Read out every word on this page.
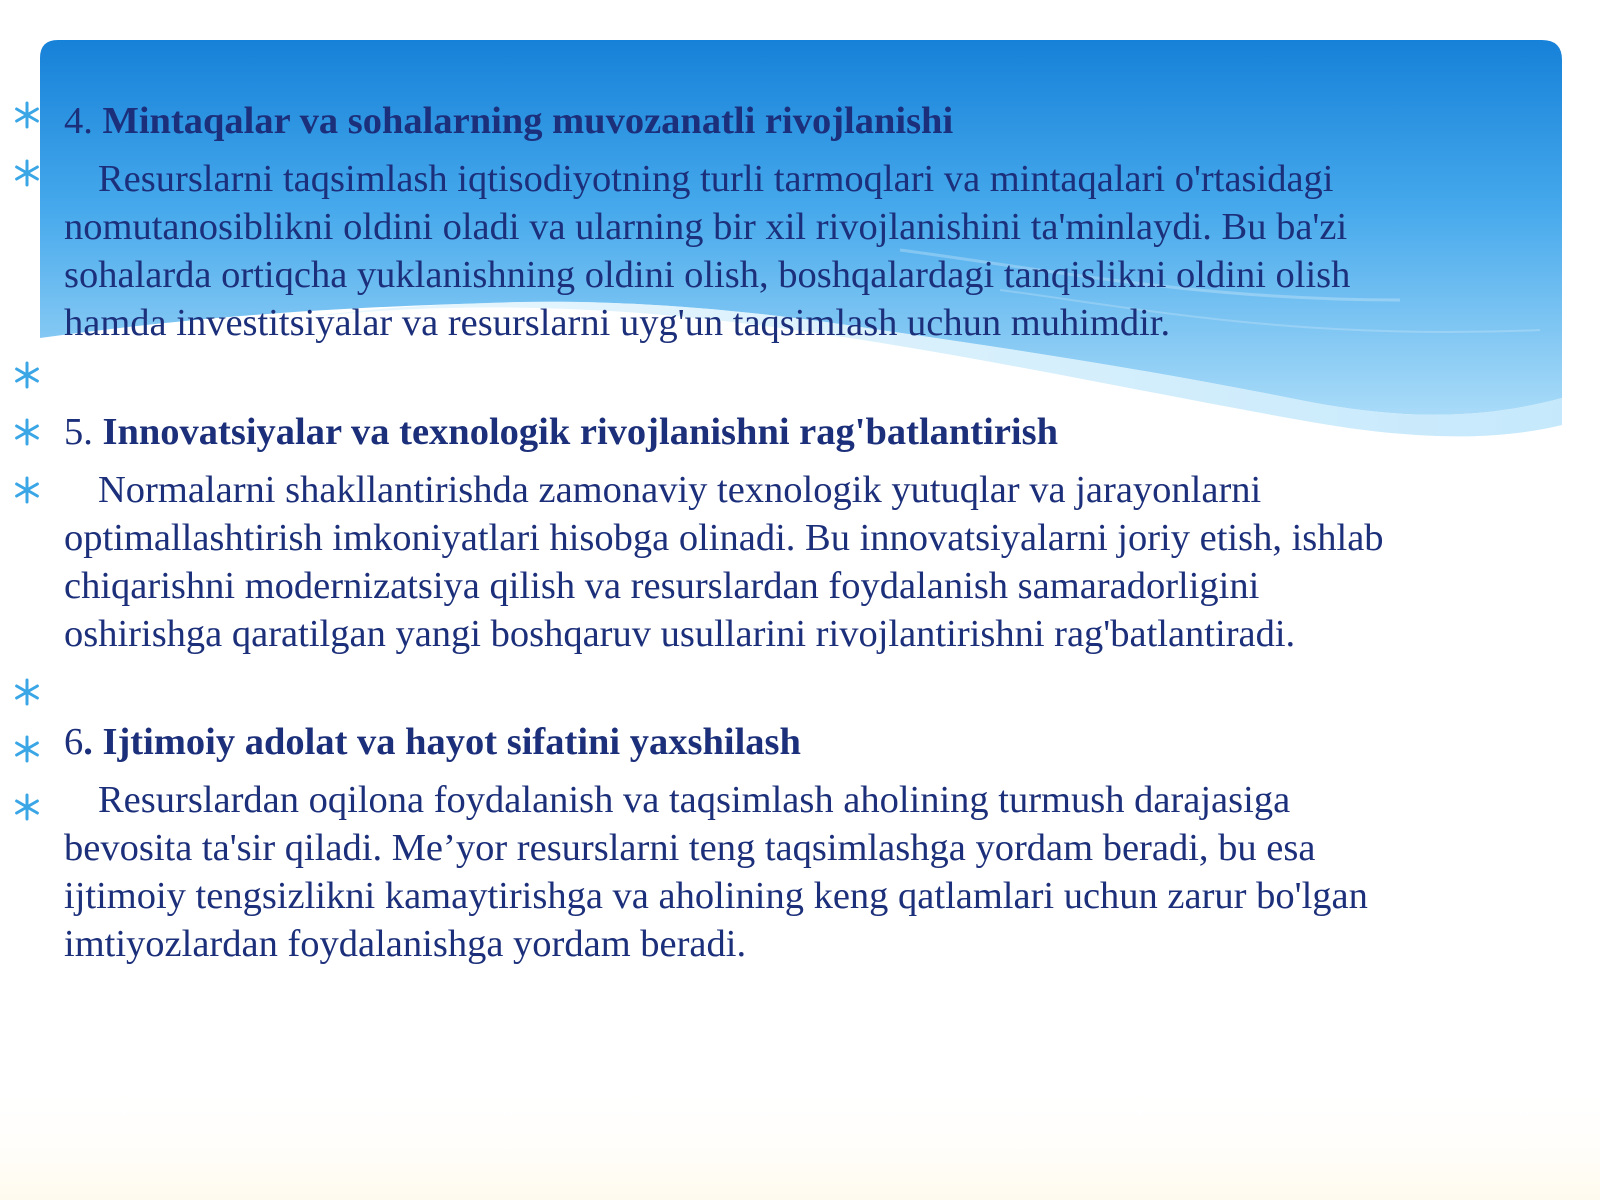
4. Mintaqalar va sohalarning muvozanatli rivojlanishi
Resurslarni taqsimlash iqtisodiyotning turli tarmoqlari va mintaqalari o'rtasidagi
nomutanosiblikni oldini oladi va ularning bir xil rivojlanishini ta'minlaydi. Bu ba'zi
sohalarda ortiqcha yuklanishning oldini olish, boshqalardagi tanqislikni oldini olish
hamda investitsiyalar va resurslarni uyg'un taqsimlash uchun muhimdir.
5. Innovatsiyalar va texnologik rivojlanishni rag'batlantirish
Normalarni shakllantirishda zamonaviy texnologik yutuqlar va jarayonlarni
optimallashtirish imkoniyatlari hisobga olinadi. Bu innovatsiyalarni joriy etish, ishlab
chiqarishni modernizatsiya qilish va resurslardan foydalanish samaradorligini
oshirishga qaratilgan yangi boshqaruv usullarini rivojlantirishni rag'batlantiradi.
6. Ijtimoiy adolat va hayot sifatini yaxshilash
Resurslardan oqilona foydalanish va taqsimlash aholining turmush darajasiga
bevosita ta'sir qiladi. Me’yor resurslarni teng taqsimlashga yordam beradi, bu esa
ijtimoiy tengsizlikni kamaytirishga va aholining keng qatlamlari uchun zarur bo'lgan
imtiyozlardan foydalanishga yordam beradi.
